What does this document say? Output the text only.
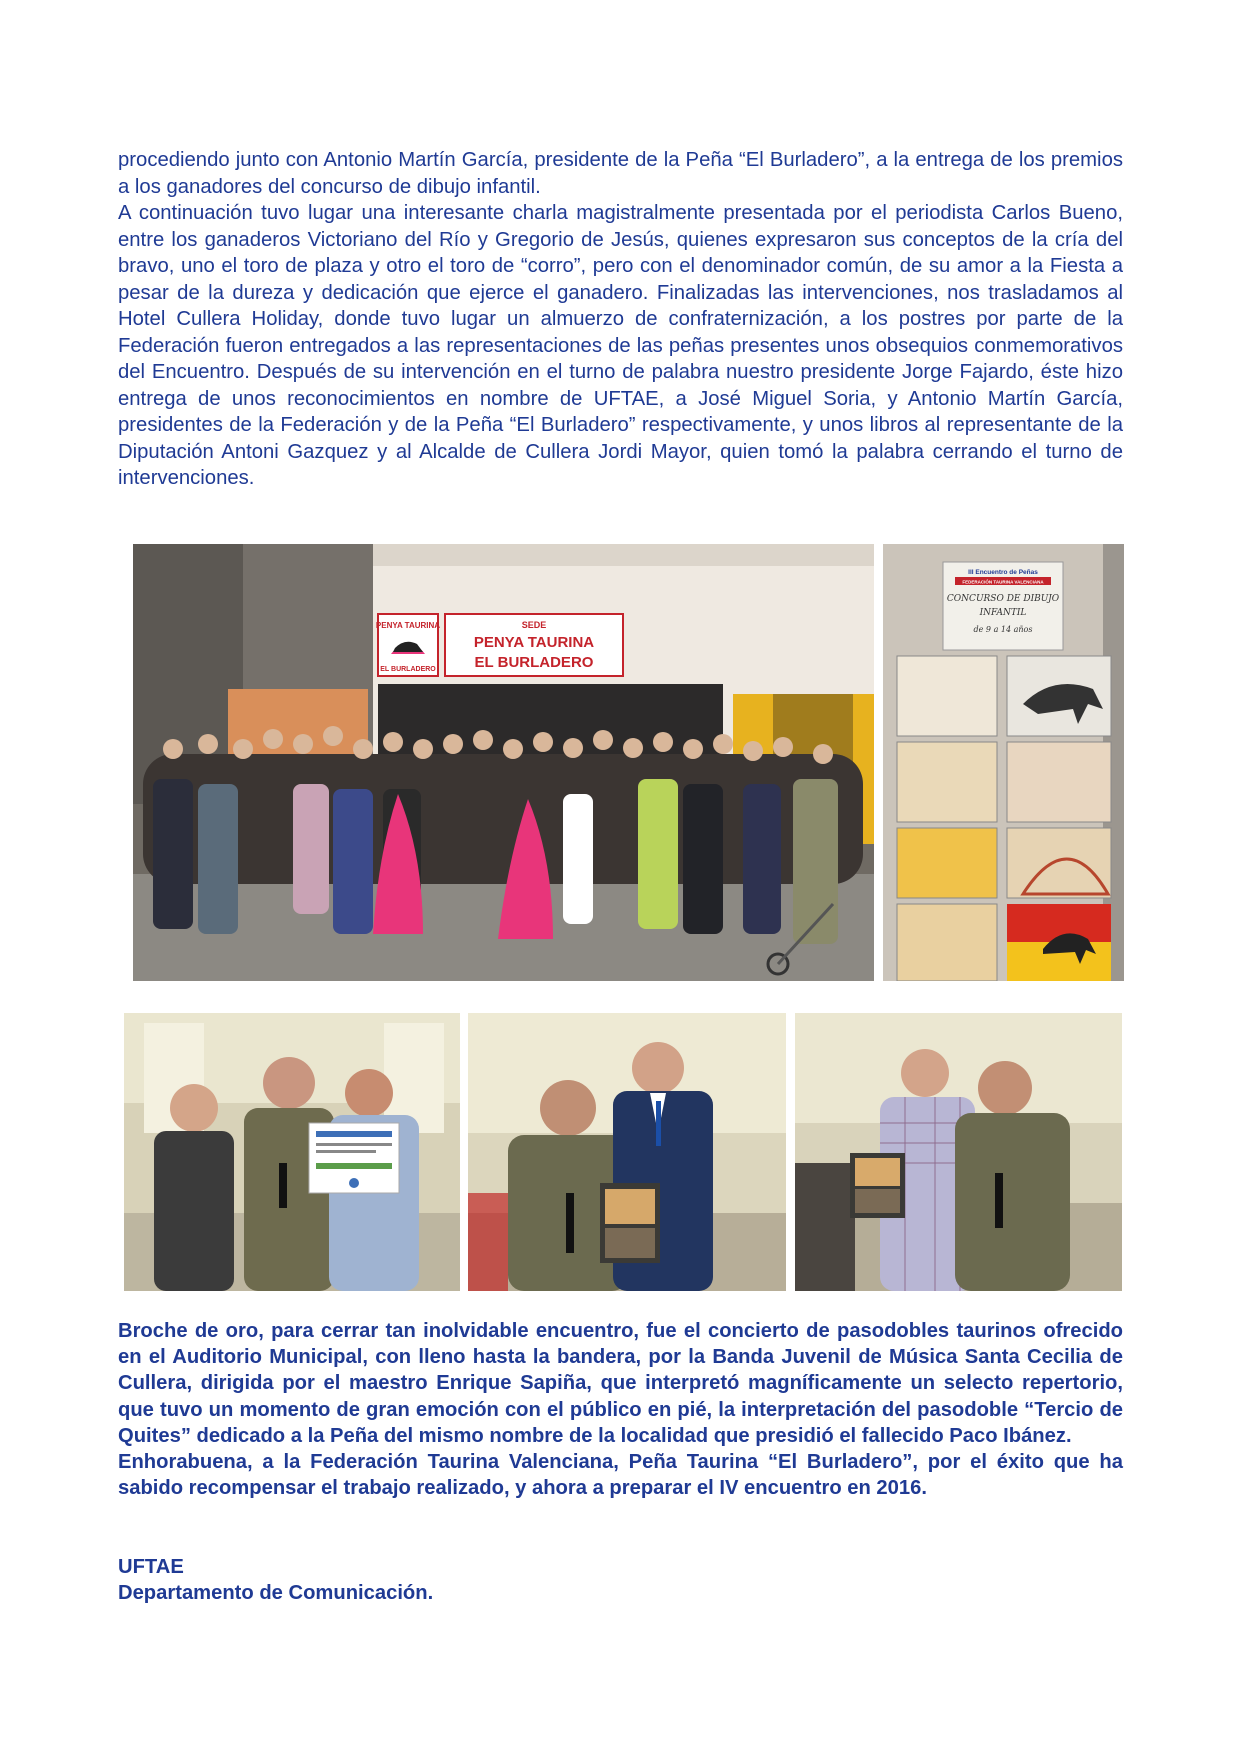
procediendo junto con Antonio Martín García, presidente de la Peña “El Burladero”, a la entrega de los premios a los ganadores del concurso de dibujo infantil.

A continuación tuvo lugar una interesante charla magistralmente presentada por el periodista Carlos Bueno, entre los ganaderos Victoriano del Río y Gregorio de Jesús, quienes expresaron sus conceptos de la cría del bravo, uno el toro de plaza y otro el toro de “corro”, pero con el denominador común, de su amor a la Fiesta a pesar de la dureza y dedicación que ejerce el ganadero. Finalizadas las intervenciones, nos trasladamos al Hotel Cullera Holiday, donde tuvo lugar un almuerzo de confraternización, a los postres por parte de la Federación fueron entregados a las representaciones de las peñas presentes unos obsequios conmemorativos del Encuentro. Después de su intervención en el turno de palabra nuestro presidente Jorge Fajardo, éste hizo entrega de unos reconocimientos en nombre de UFTAE, a José Miguel Soria, y Antonio Martín García, presidentes de la Federación y de la Peña “El Burladero” respectivamente, y unos libros al representante de la Diputación Antoni Gazquez y al Alcalde de Cullera Jordi Mayor, quien tomó la palabra cerrando el turno de intervenciones.

PENYA TAURINA
EL BURLADERO
SEDE
PENYA TAURINA
EL BURLADERO
III Encuentro de Peñas
FEDERACIÓN TAURINA VALENCIANA
CONCURSO DE DIBUJO
INFANTIL
de 9 a 14 años

Broche de oro, para cerrar tan inolvidable encuentro, fue el concierto de pasodobles taurinos ofrecido en el Auditorio Municipal, con lleno hasta la bandera, por la Banda Juvenil de Música Santa Cecilia de Cullera, dirigida por el maestro Enrique Sapiña, que interpretó magníficamente un selecto repertorio, que tuvo un momento de gran emoción con el público en pié, la interpretación del pasodoble “Tercio de Quites” dedicado a la Peña del mismo nombre de la localidad que presidió el fallecido Paco Ibánez.

Enhorabuena, a la Federación Taurina Valenciana, Peña Taurina “El Burladero”, por el éxito que ha sabido recompensar el trabajo realizado, y ahora a preparar el IV encuentro en 2016.

UFTAE
Departamento de Comunicación.
